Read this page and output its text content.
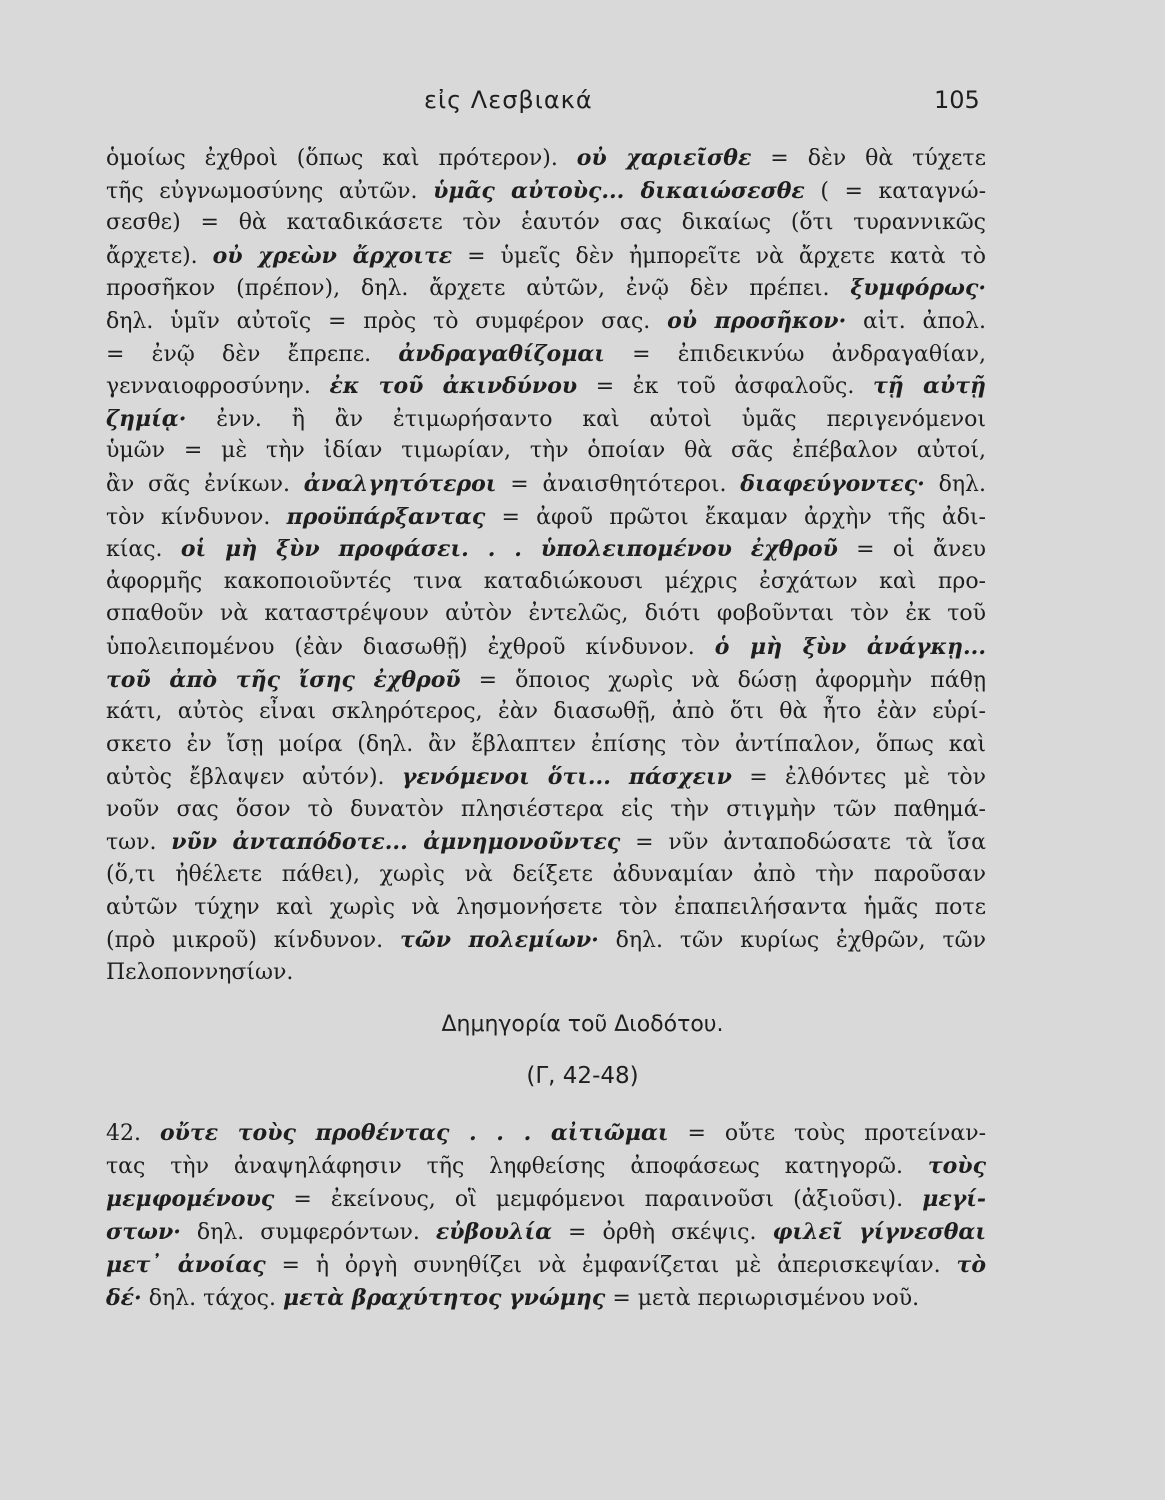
εἰς Λεσβιακά	105
ὁμοίως ἐχθροὶ (ὅπως καὶ πρότερον). οὐ χαριεῖσθε = δὲν θὰ τύχετε
τῆς εὐγνωμοσύνης αὐτῶν. ὑμᾶς αὐτοὺς... δικαιώσεσθε ( = καταγνώ-
σεσθε) = θὰ καταδικάσετε τὸν ἑαυτόν σας δικαίως (ὅτι τυραννικῶς
ἄρχετε). οὐ χρεὼν ἄρχοιτε = ὑμεῖς δὲν ἠμπορεῖτε νὰ ἄρχετε κατὰ τὸ
προσῆκον (πρέπον), δηλ. ἄρχετε αὐτῶν, ἐνῷ δὲν πρέπει. ξυμφόρως·
δηλ. ὑμῖν αὐτοῖς = πρὸς τὸ συμφέρον σας. οὐ προσῆκον· αἰτ. ἀπολ.
= ἐνῷ δὲν ἔπρεπε. ἀνδραγαθίζομαι = ἐπιδεικνύω ἀνδραγαθίαν,
γενναιοφροσύνην. ἐκ τοῦ ἀκινδύνου = ἐκ τοῦ ἀσφαλοῦς. τῇ αὐτῇ
ζημίᾳ· ἐνν. ἢ ἂν ἐτιμωρήσαντο καὶ αὐτοὶ ὑμᾶς περιγενόμενοι
ὑμῶν = μὲ τὴν ἰδίαν τιμωρίαν, τὴν ὁποίαν θὰ σᾶς ἐπέβαλον αὐτοί,
ἂν σᾶς ἐνίκων. ἀναλγητότεροι = ἀναισθητότεροι. διαφεύγοντες· δηλ.
τὸν κίνδυνον. προϋπάρξαντας = ἀφοῦ πρῶτοι ἔκαμαν ἀρχὴν τῆς ἀδι-
κίας. οἱ μὴ ξὺν προφάσει. . . ὑπολειπομένου ἐχθροῦ = οἱ ἄνευ
ἀφορμῆς κακοποιοῦντές τινα καταδιώκουσι μέχρις ἐσχάτων καὶ προ-
σπαθοῦν νὰ καταστρέψουν αὐτὸν ἐντελῶς, διότι φοβοῦνται τὸν ἐκ τοῦ
ὑπολειπομένου (ἐὰν διασωθῇ) ἐχθροῦ κίνδυνον. ὁ μὴ ξὺν ἀνάγκῃ...
τοῦ ἀπὸ τῆς ἴσης ἐχθροῦ = ὅποιος χωρὶς νὰ δώσῃ ἀφορμὴν πάθῃ
κάτι, αὐτὸς εἶναι σκληρότερος, ἐὰν διασωθῇ, ἀπὸ ὅτι θὰ ἦτο ἐὰν εὑρί-
σκετο ἐν ἴσῃ μοίρα (δηλ. ἂν ἔβλαπτεν ἐπίσης τὸν ἀντίπαλον, ὅπως καὶ
αὐτὸς ἔβλαψεν αὐτόν). γενόμενοι ὅτι... πάσχειν = ἐλθόντες μὲ τὸν
νοῦν σας ὅσον τὸ δυνατὸν πλησιέστερα εἰς τὴν στιγμὴν τῶν παθημά-
των. νῦν ἀνταπόδοτε... ἀμνημονοῦντες = νῦν ἀνταποδώσατε τὰ ἴσα
(ὅ,τι ἠθέλετε πάθει), χωρὶς νὰ δείξετε ἀδυναμίαν ἀπὸ τὴν παροῦσαν
αὐτῶν τύχην καὶ χωρὶς νὰ λησμονήσετε τὸν ἐπαπειλήσαντα ἡμᾶς ποτε
(πρὸ μικροῦ) κίνδυνον. τῶν πολεμίων· δηλ. τῶν κυρίως ἐχθρῶν, τῶν
Πελοποννησίων.
Δημηγορία τοῦ Διοδότου.
(Γ, 42-48)
42. οὔτε τοὺς προθέντας . . . αἰτιῶμαι = οὔτε τοὺς προτείναν-
τας τὴν ἀναψηλάφησιν τῆς ληφθείσης ἀποφάσεως κατηγορῶ. τοὺς
μεμφομένους = ἐκείνους, οἳ μεμφόμενοι παραινοῦσι (ἀξιοῦσι). μεγί-
στων· δηλ. συμφερόντων. εὐβουλία = ὀρθὴ σκέψις. φιλεῖ γίγνεσθαι
μετ᾽ ἀνοίας = ἡ ὀργὴ συνηθίζει νὰ ἐμφανίζεται μὲ ἀπερισκεψίαν. τὸ
δέ· δηλ. τάχος. μετὰ βραχύτητος γνώμης = μετὰ περιωρισμένου νοῦ.
